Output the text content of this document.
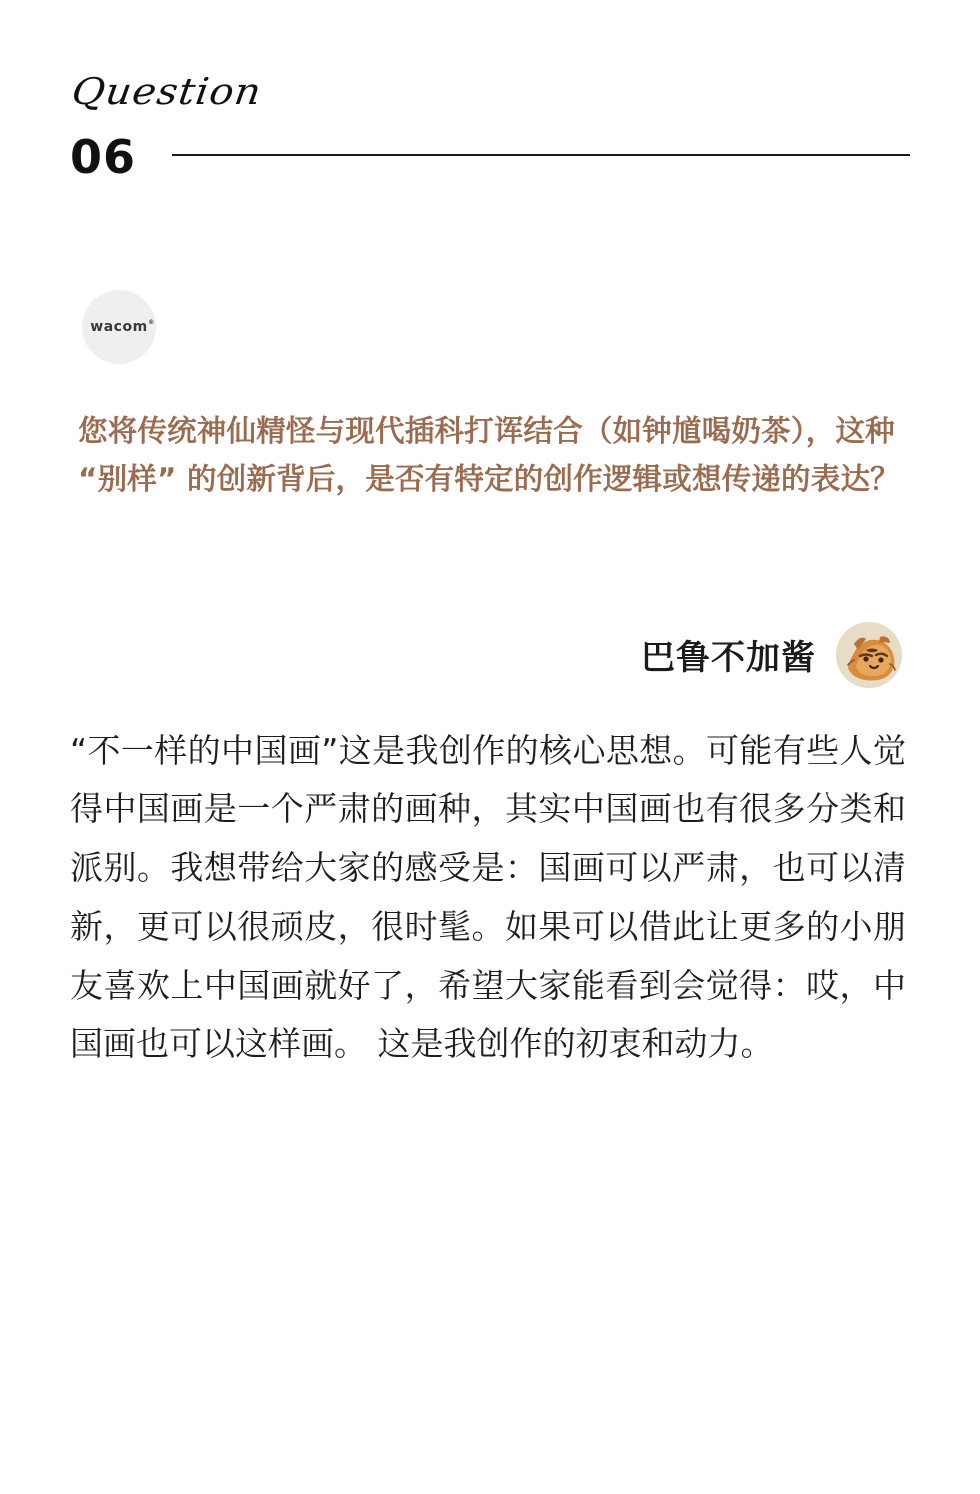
Question
06
wacom ®
您将传统神仙精怪与现代插科打诨结合（如钟馗喝奶茶），这种 “别样” 的创新背后，是否有特定的创作逻辑或想传递的表达？
巴鲁不加酱
“不一样的中国画”这是我创作的核心思想。可能有些人觉得中国画是一个严肃的画种，其实中国画也有很多分类和派别。我想带给大家的感受是：国画可以严肃，也可以清新，更可以很顽皮，很时髦。如果可以借此让更多的小朋友喜欢上中国画就好了，希望大家能看到会觉得：哎，中国画也可以这样画。 这是我创作的初衷和动力。
